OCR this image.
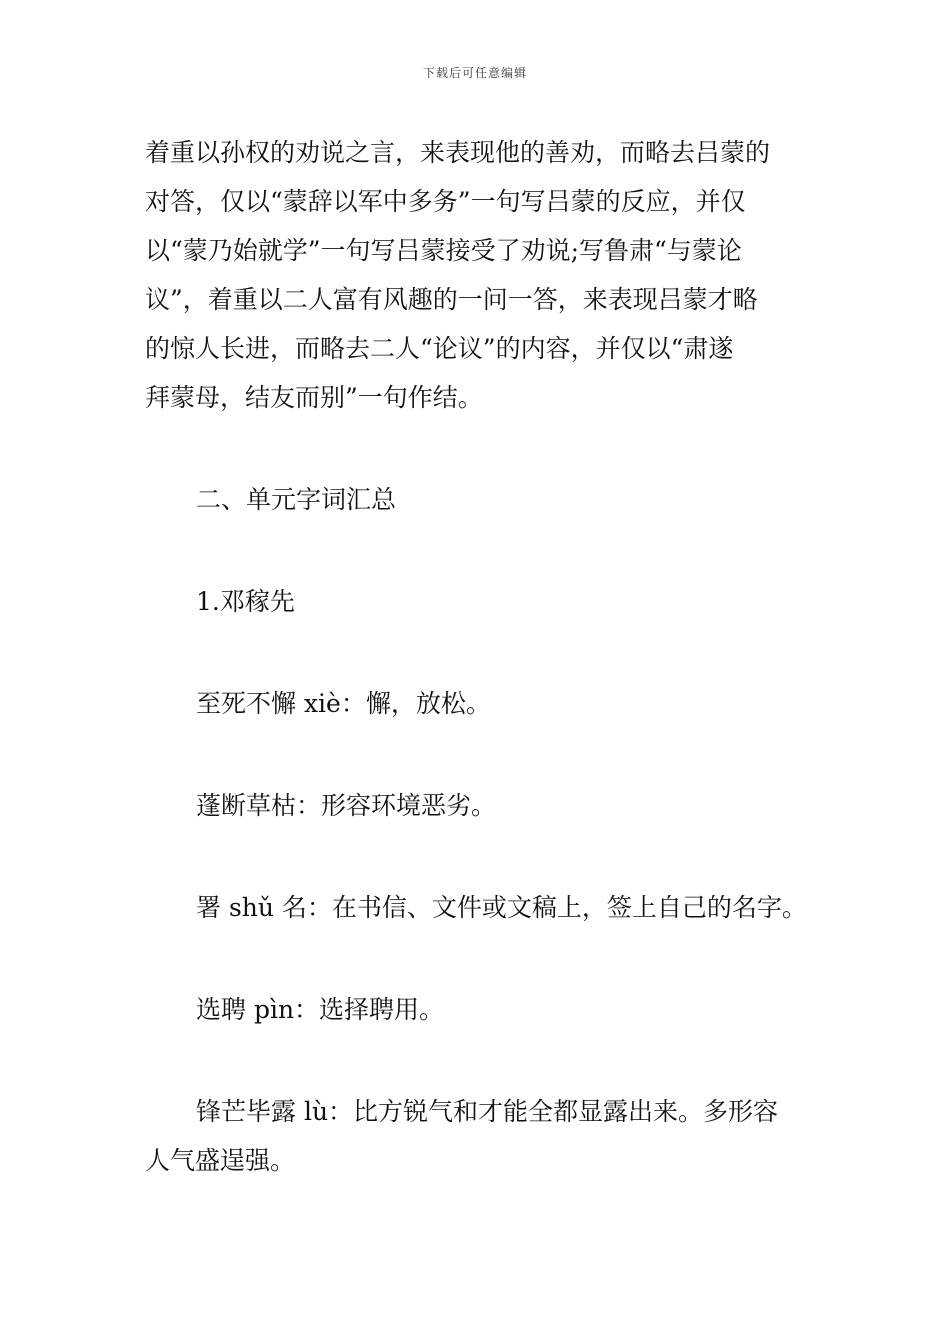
下载后可任意编辑

着重以孙权的劝说之言，来表现他的善劝，而略去吕蒙的

对答，仅以“蒙辞以军中多务”一句写吕蒙的反应，并仅

以“蒙乃始就学”一句写吕蒙接受了劝说;写鲁肃“与蒙论

议”，着重以二人富有风趣的一问一答，来表现吕蒙才略

的惊人长进，而略去二人“论议”的内容，并仅以“肃遂

拜蒙母，结友而别”一句作结。

二、单元字词汇总

1.邓稼先

至死不懈 xiè：懈，放松。

蓬断草枯：形容环境恶劣。

署 shǔ 名：在书信、文件或文稿上，签上自己的名字。

选聘 pìn：选择聘用。

锋芒毕露 lù：比方锐气和才能全都显露出来。多形容

人气盛逞强。
